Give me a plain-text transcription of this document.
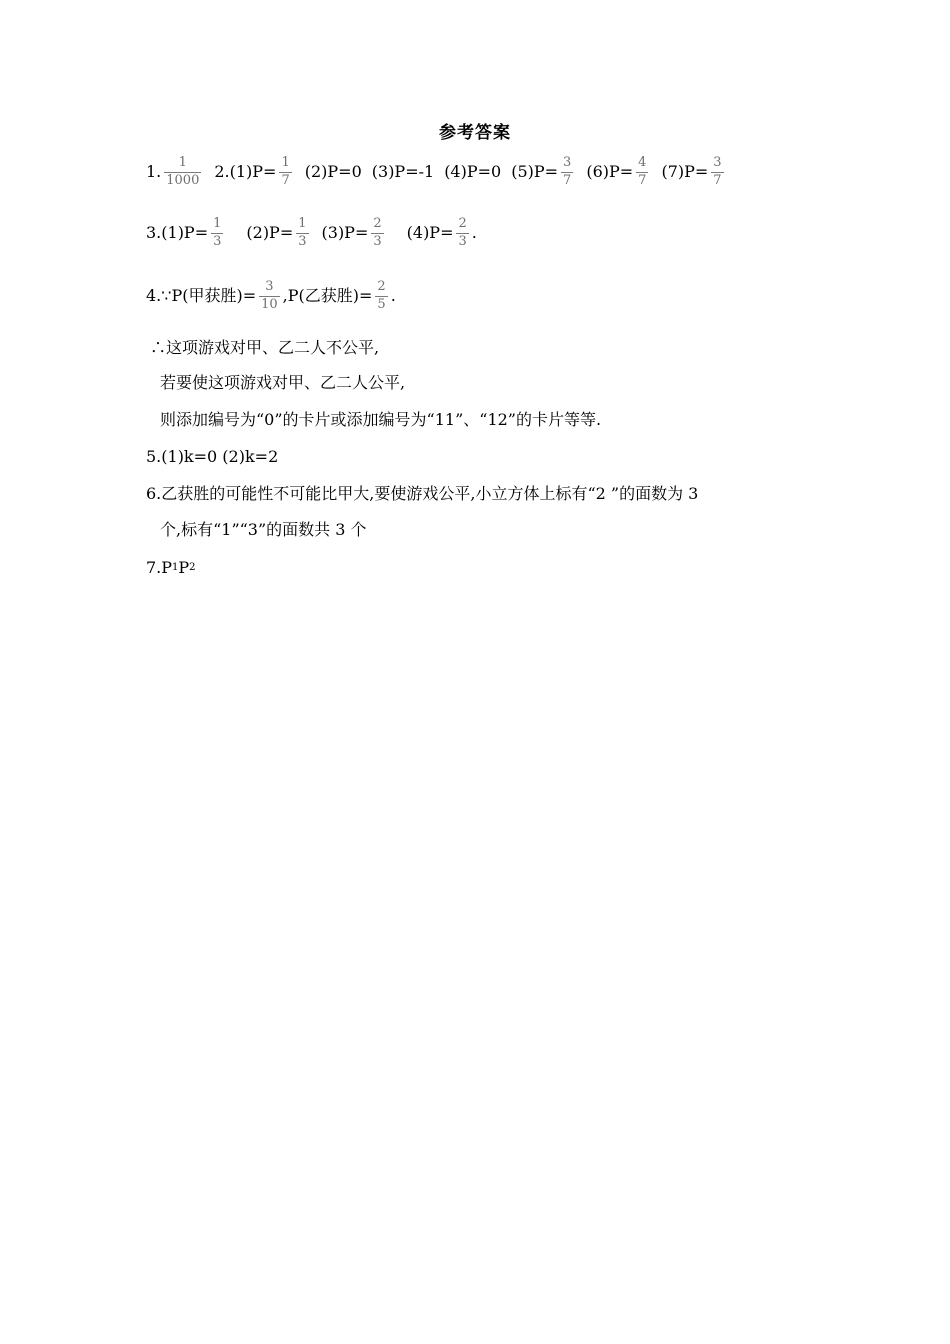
参考答案
1. $\frac{1}{1000} 2.(1)P= \frac{1}{7} (2)P=0$ (3)P=-1 (4)P=0 $(5)P= \frac{3}{7} (6)P= \frac{4}{7} (7)P= \frac{3}{7}$
$3.(1)P= \frac{1}{3} (2)P= \frac{1}{3} (3)P= \frac{2}{3} (4)P= \frac{2}{3}$ .
4.∵P(甲获胜)= $\frac{3}{10} ,P$(乙获胜)= $\frac{2}{5}$ .
∴这项游戏对甲、乙二人不公平,
若要使这项游戏对甲、乙二人公平,
则添加编号为“0”的卡片或添加编号为“11”、“12”的卡片等等.
5.(1)k=0 (2)k=2
6.乙获胜的可能性不可能比甲大,要使游戏公平,小立方体上标有“2 ”的面数为 3
个,标有“1”“3”的面数共 3 个
7.P 1 P 2
